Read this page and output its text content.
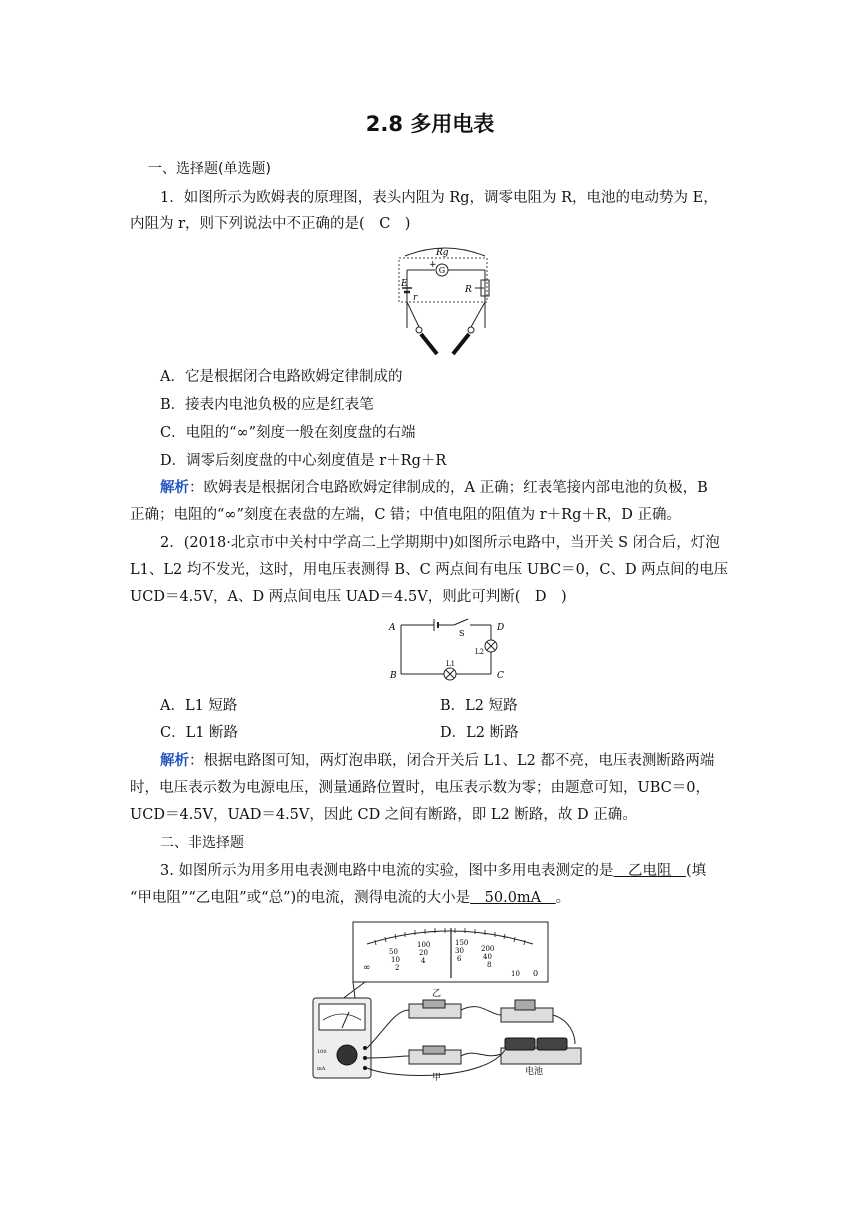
2.8 多用电表
一、选择题(单选题)
1．如图所示为欧姆表的原理图，表头内阻为 Rg，调零电阻为 R，电池的电动势为 E，
内阻为 r，则下列说法中不正确的是(　C　)
G
Rg
+
E
r
R
A．它是根据闭合电路欧姆定律制成的
B．接表内电池负极的应是红表笔
C．电阻的“∞”刻度一般在刻度盘的右端
D．调零后刻度盘的中心刻度值是 r＋Rg＋R
解析：欧姆表是根据闭合电路欧姆定律制成的，A 正确；红表笔接内部电池的负极，B
正确；电阻的“∞”刻度在表盘的左端，C 错；中值电阻的阻值为 r＋Rg＋R，D 正确。
2．(2018·北京市中关村中学高二上学期期中)如图所示电路中，当开关 S 闭合后，灯泡
L1、L2 均不发光，这时，用电压表测得 B、C 两点间有电压 UBC＝0，C、D 两点间的电压
UCD＝4.5V，A、D 两点间电压 UAD＝4.5V，则此可判断(　D　)
A
B	C
D
S
L2
L1
A．L1 短路	B．L2 短路
C．L1 断路	D．L2 断路
解析：根据电路图可知，两灯泡串联，闭合开关后 L1、L2 都不亮，电压表测断路两端
时，电压表示数为电源电压，测量通路位置时，电压表示数为零；由题意可知，UBC＝0，
UCD＝4.5V，UAD＝4.5V，因此 CD 之间有断路，即 L2 断路，故 D 正确。
二、非选择题
3. 如图所示为用多用电表测电路中电流的实验，图中多用电表测定的是　乙电阻　(填
“甲电阻”“乙电阻”或“总”)的电流，测得电流的大小是　50.0mA　。
50
100	150
200
10
20	30
40
2
4	6
8
10
∞
0
100
mA
乙
甲
电池
